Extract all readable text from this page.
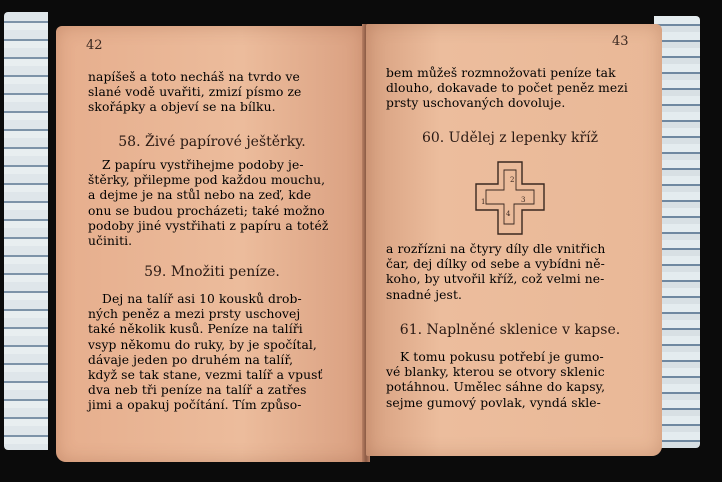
42
napíšeš a toto necháš na tvrdo ve
slané vodě uvařiti, zmizí písmo ze
skořápky a objeví se na bílku.
58. Živé papírové ještěrky.
Z papíru vystřihejme podoby je-
štěrky, přilepme pod každou mouchu,
a dejme je na stůl nebo na zeď, kde
onu se budou procházeti; také možno
podoby jiné vystřihati z papíru a totéž
učiniti.
59. Množiti peníze.
Dej na talíř asi 10 kousků drob-
ných peněz a mezi prsty uschovej
také několik kusů. Peníze na talíři
vsyp někomu do ruky, by je spočítal,
dávaje jeden po druhém na talíř,
když se tak stane, vezmi talíř a vpusť
dva neb tři peníze na talíř a zatřes
jimi a opakuj počítání. Tím způso-
43
bem můžeš rozmnožovati peníze tak
dlouho, dokavade to počet peněz mezi
prsty uschovaných dovoluje.
60. Udělej z lepenky kříž
2
1	3
4
a rozřízni na čtyry díly dle vnitřich
čar, dej dílky od sebe a vybídni ně-
koho, by utvořil kříž, což velmi ne-
snadné jest.
61. Naplněné sklenice v kapse.
K tomu pokusu potřebí je gumo-
vé blanky, kterou se otvory sklenic
potáhnou. Umělec sáhne do kapsy,
sejme gumový povlak, vyndá skle-
